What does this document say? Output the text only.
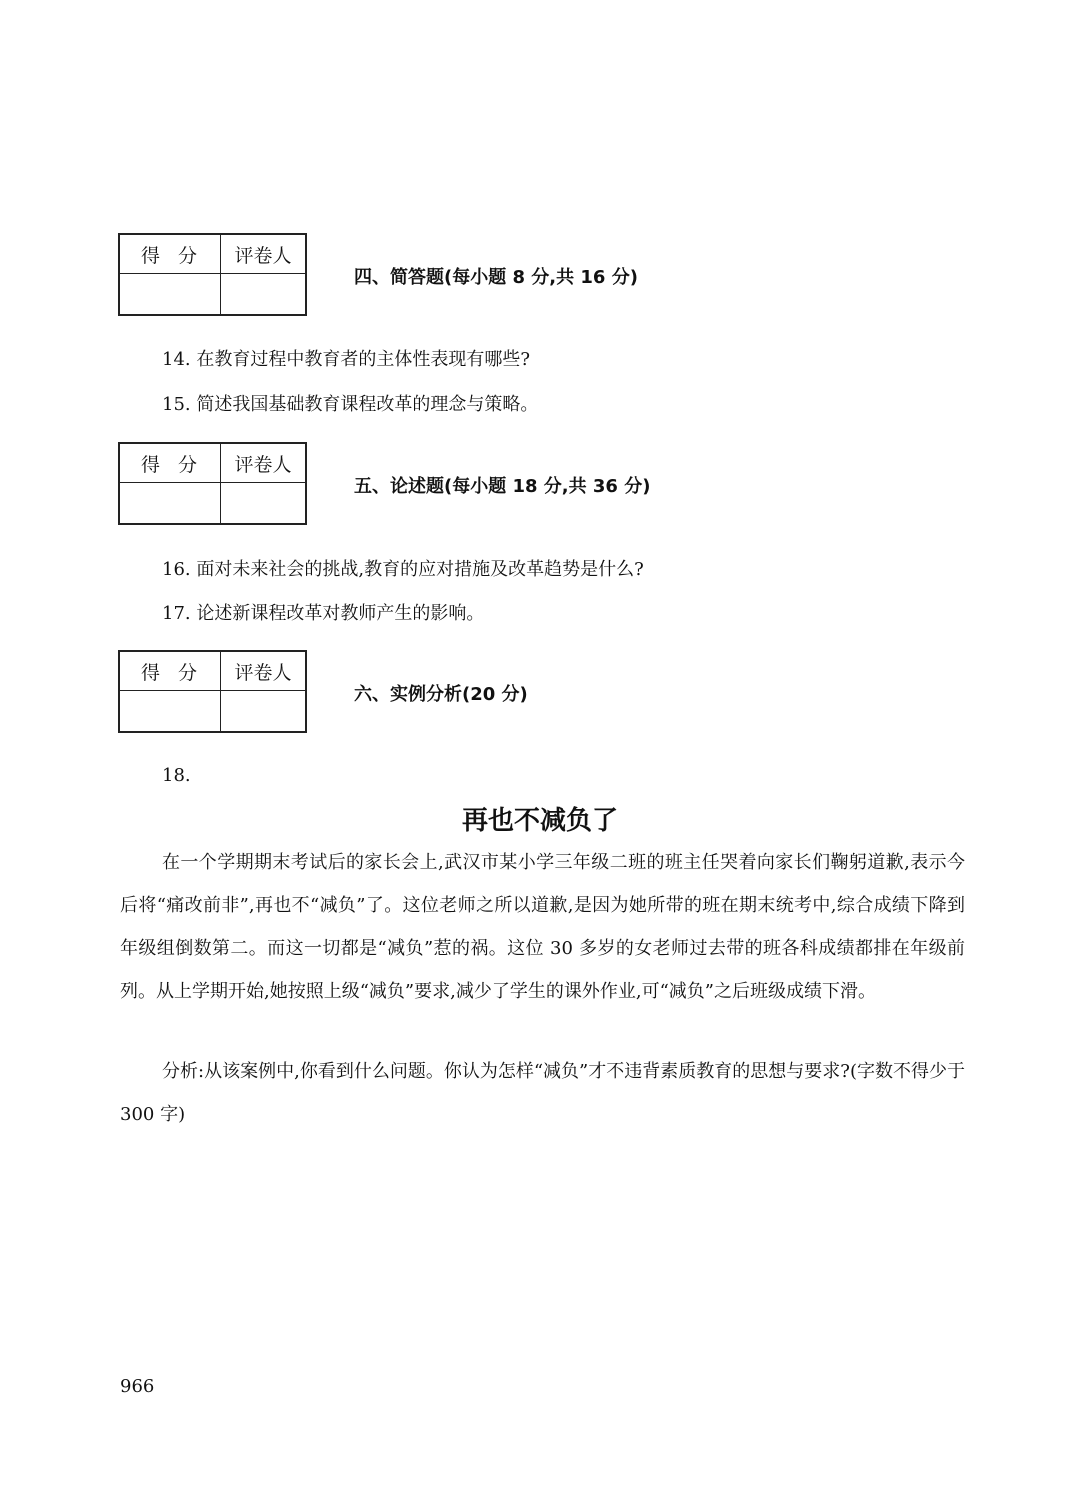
得分	评卷人

四、简答题(每小题 8 分,共 16 分)
14. 在教育过程中教育者的主体性表现有哪些?
15. 简述我国基础教育课程改革的理念与策略。
得分	评卷人

五、论述题(每小题 18 分,共 36 分)
16. 面对未来社会的挑战,教育的应对措施及改革趋势是什么?
17. 论述新课程改革对教师产生的影响。
得分	评卷人

六、实例分析(20 分)
18.
再也不减负了

在一个学期期末考试后的家长会上,武汉市某小学三年级二班的班主任哭着向家长们鞠躬道歉,表示今后将“痛改前非”,再也不“减负”了。这位老师之所以道歉,是因为她所带的班在期末统考中,综合成绩下降到年级组倒数第二。而这一切都是“减负”惹的祸。这位 30 多岁的女老师过去带的班各科成绩都排在年级前列。从上学期开始,她按照上级“减负”要求,减少了学生的课外作业,可“减负”之后班级成绩下滑。

分析:从该案例中,你看到什么问题。你认为怎样“减负”才不违背素质教育的思想与要求?(字数不得少于 300 字)

966
